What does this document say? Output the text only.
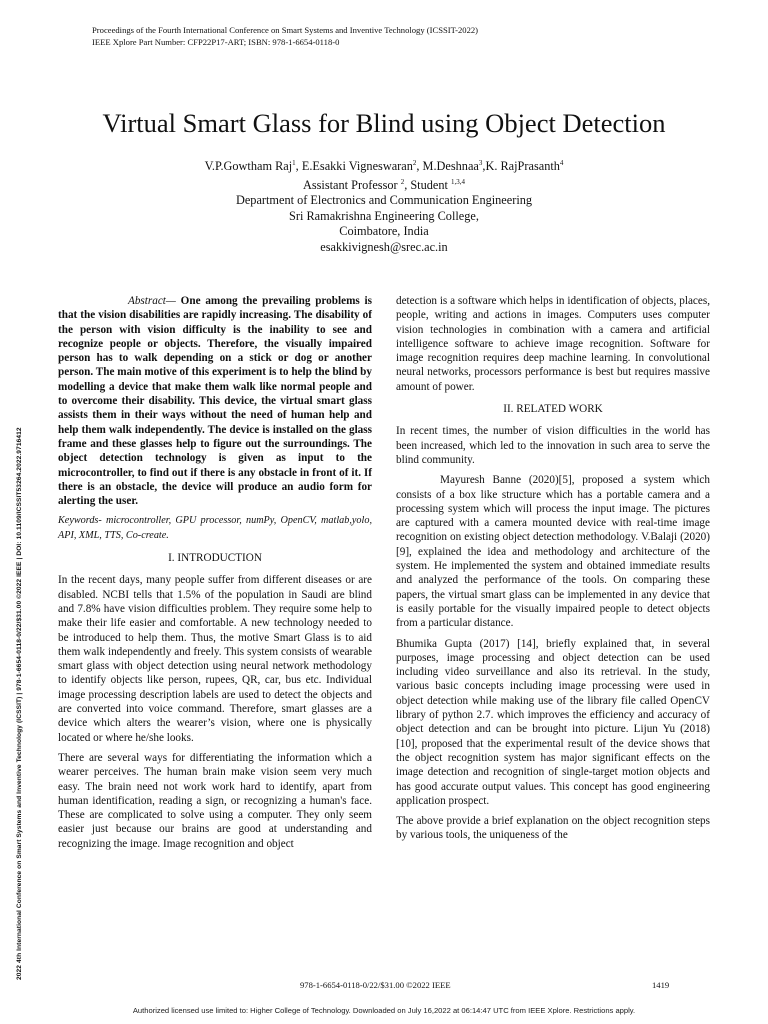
Proceedings of the Fourth International Conference on Smart Systems and Inventive Technology (ICSSIT-2022)
IEEE Xplore Part Number: CFP22P17-ART; ISBN: 978-1-6654-0118-0
2022 4th International Conference on Smart Systems and Inventive Technology (ICSSIT) | 978-1-6654-0118-0/22/$31.00 ©2022 IEEE | DOI: 10.1109/ICSSIT53264.2022.9716412
Virtual Smart Glass for Blind using Object Detection
V.P.Gowtham Raj$^1$, E.Esakki Vigneswaran$^2$, M.Deshnaa$^3$,K. RajPrasanth$^4$
Assistant Professor $^2$, Student $^{1,3,4}$
Department of Electronics and Communication Engineering
Sri Ramakrishna Engineering College,
Coimbatore, India
esakkivignesh@srec.ac.in

Abstract— One among the prevailing problems is that the vision disabilities are rapidly increasing. The disability of the person with vision difficulty is the inability to see and recognize people or objects. Therefore, the visually impaired person has to walk depending on a stick or dog or another person. The main motive of this experiment is to help the blind by modelling a device that make them walk like normal people and to overcome their disability. This device, the virtual smart glass assists them in their ways without the need of human help and help them walk independently. The device is installed on the glass frame and these glasses help to figure out the surroundings. The object detection technology is given as input to the microcontroller, to find out if there is any obstacle in front of it. If there is an obstacle, the device will produce an audio form for alerting the user.

Keywords- microcontroller, GPU processor, numPy, OpenCV, matlab,yolo, API, XML, TTS, Co-create.

I. INTRODUCTION

In the recent days, many people suffer from different diseases or are disabled. NCBI tells that 1.5% of the population in Saudi are blind and 7.8% have vision difficulties problem. They require some help to make their life easier and comfortable. A new technology needed to be introduced to help them. Thus, the motive Smart Glass is to aid them walk independently and freely. This system consists of wearable smart glass with object detection using neural network methodology to identify objects like person, rupees, QR, car, bus etc. Individual image processing description labels are used to detect the objects and are converted into voice command. Therefore, smart glasses are a device which alters the wearer’s vision, where one is physically located or where he/she looks.

There are several ways for differentiating the information which a wearer perceives. The human brain make vision seem very much easy. The brain need not work work hard to identify, apart from human identification, reading a sign, or recognizing a human's face. These are complicated to solve using a computer. They only seem easier just because our brains are good at understanding and recognizing the image. Image recognition and object

detection is a software which helps in identification of objects, places, people, writing and actions in images. Computers uses computer vision technologies in combination with a camera and artificial intelligence software to achieve image recognition. Software for image recognition requires deep machine learning. In convolutional neural networks, processors performance is best but requires massive amount of power.

II. RELATED WORK

In recent times, the number of vision difficulties in the world has been increased, which led to the innovation in such area to serve the blind community.

Mayuresh Banne (2020)[5], proposed a system which consists of a box like structure which has a portable camera and a processing system which will process the input image. The pictures are captured with a camera mounted device with real-time image recognition on existing object detection methodology. V.Balaji (2020) [9], explained the idea and methodology and architecture of the system. He implemented the system and obtained immediate results and analyzed the performance of the tools. On comparing these papers, the virtual smart glass can be implemented in any device that is easily portable for the visually impaired people to detect objects from a particular distance.

Bhumika Gupta (2017) [14], briefly explained that, in several purposes, image processing and object detection can be used including video surveillance and also its retrieval. In the study, various basic concepts including image processing were used in object detection while making use of the library file called OpenCV library of python 2.7. which improves the efficiency and accuracy of object detection and can be brought into picture. Lijun Yu (2018) [10], proposed that the experimental result of the device shows that the object recognition system has major significant effects on the image detection and recognition of single-target motion objects and has good accurate output values. This concept has good engineering application prospect.

The above provide a brief explanation on the object recognition steps by various tools, the uniqueness of the

978-1-6654-0118-0/22/$31.00 ©2022 IEEE	1419
Authorized licensed use limited to: Higher College of Technology. Downloaded on July 16,2022 at 06:14:47 UTC from IEEE Xplore. Restrictions apply.
